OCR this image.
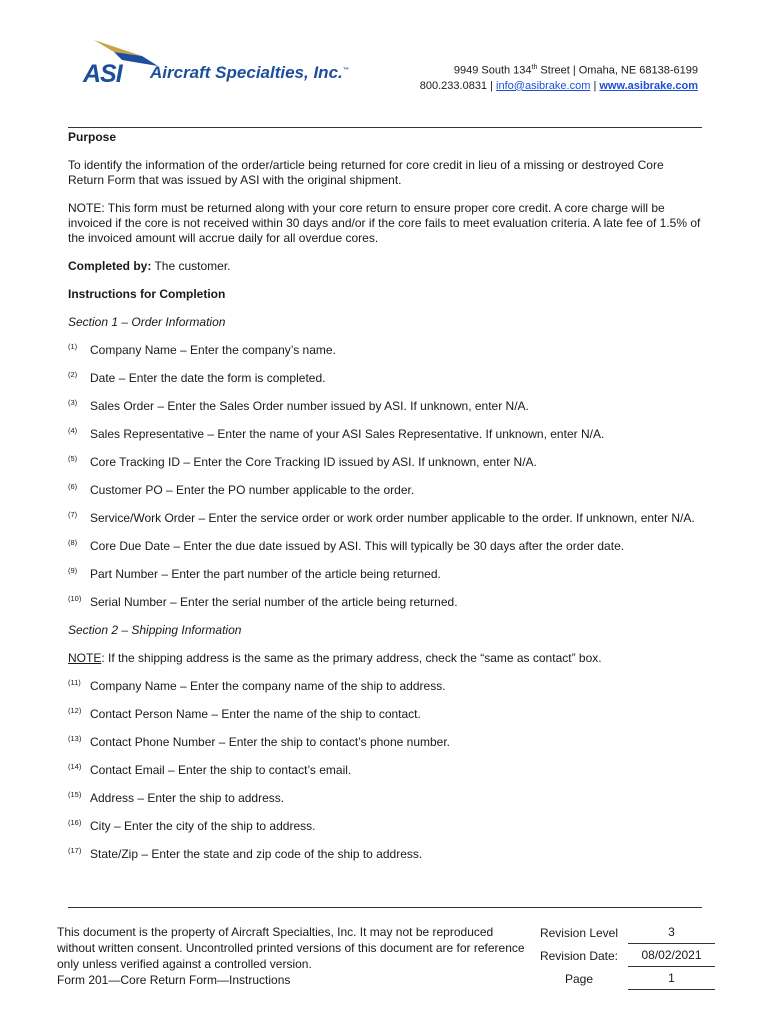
ASI Aircraft Specialties, Inc.™	9949 South 134th Street | Omaha, NE 68138-6199
800.233.0831 | info@asibrake.com | www.asibrake.com

Purpose

To identify the information of the order/article being returned for core credit in lieu of a missing or destroyed Core Return Form that was issued by ASI with the original shipment.

NOTE: This form must be returned along with your core return to ensure proper core credit. A core charge will be invoiced if the core is not received within 30 days and/or if the core fails to meet evaluation criteria. A late fee of 1.5% of the invoiced amount will accrue daily for all overdue cores.

Completed by: The customer.

Instructions for Completion

Section 1 – Order Information

(1) Company Name – Enter the company’s name.
(2) Date – Enter the date the form is completed.
(3) Sales Order – Enter the Sales Order number issued by ASI. If unknown, enter N/A.
(4) Sales Representative – Enter the name of your ASI Sales Representative. If unknown, enter N/A.
(5) Core Tracking ID – Enter the Core Tracking ID issued by ASI. If unknown, enter N/A.
(6) Customer PO – Enter the PO number applicable to the order.
(7) Service/Work Order – Enter the service order or work order number applicable to the order. If unknown, enter N/A.
(8) Core Due Date – Enter the due date issued by ASI. This will typically be 30 days after the order date.
(9) Part Number – Enter the part number of the article being returned.
(10) Serial Number – Enter the serial number of the article being returned.

Section 2 – Shipping Information

NOTE: If the shipping address is the same as the primary address, check the “same as contact” box.

(11) Company Name – Enter the company name of the ship to address.
(12) Contact Person Name – Enter the name of the ship to contact.
(13) Contact Phone Number – Enter the ship to contact’s phone number.
(14) Contact Email – Enter the ship to contact’s email.
(15) Address – Enter the ship to address.
(16) City – Enter the city of the ship to address.
(17) State/Zip – Enter the state and zip code of the ship to address.
This document is the property of Aircraft Specialties, Inc. It may not be reproduced without written consent. Uncontrolled printed versions of this document are for reference only unless verified against a controlled version.
Form 201—Core Return Form—Instructions
Revision Level	3
Revision Date:	08/02/2021
Page	1
